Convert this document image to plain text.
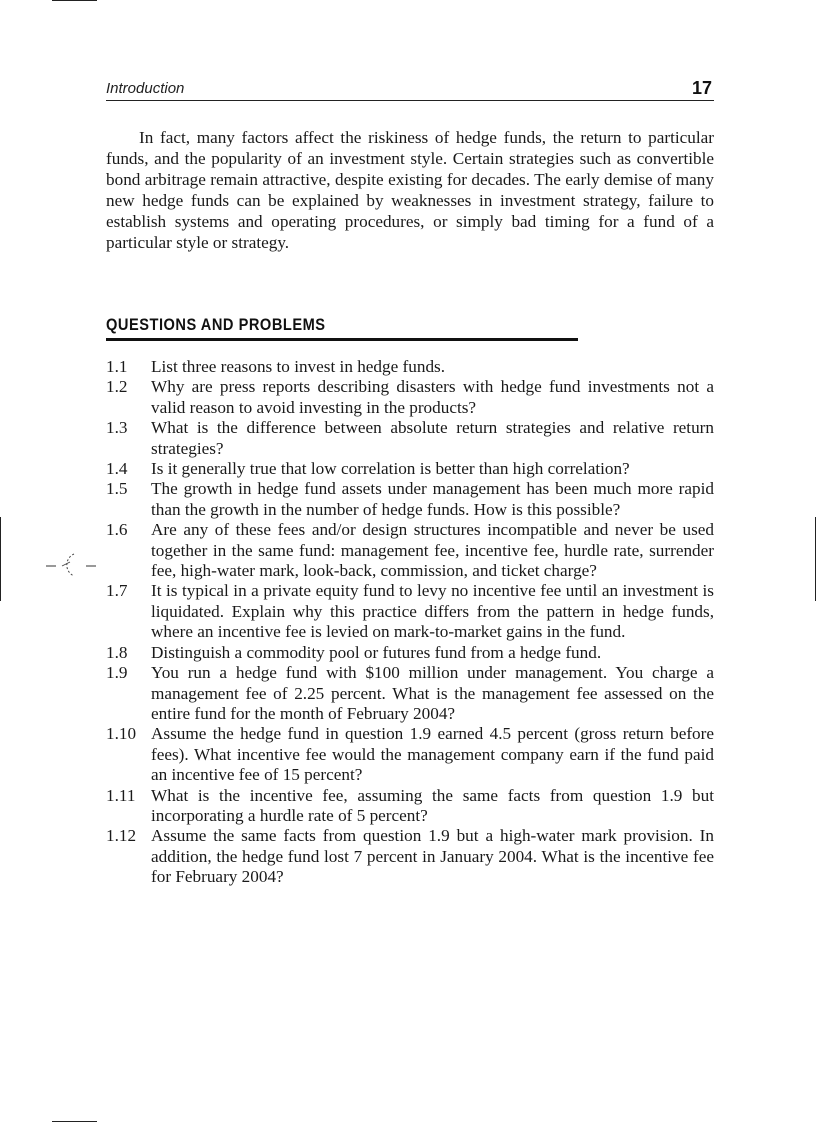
Introduction	17

In fact, many factors affect the riskiness of hedge funds, the return to particular funds, and the popularity of an investment style. Certain strategies such as convertible bond arbitrage remain attractive, despite existing for decades. The early demise of many new hedge funds can be explained by weaknesses in investment strategy, failure to establish systems and operating procedures, or simply bad timing for a fund of a particular style or strategy.

QUESTIONS AND PROBLEMS
1.1 List three reasons to invest in hedge funds.
1.2 Why are press reports describing disasters with hedge fund investments not a valid reason to avoid investing in the products?
1.3 What is the difference between absolute return strategies and relative return strategies?
1.4 Is it generally true that low correlation is better than high correlation?
1.5 The growth in hedge fund assets under management has been much more rapid than the growth in the number of hedge funds. How is this possible?
1.6 Are any of these fees and/or design structures incompatible and never be used together in the same fund: management fee, incentive fee, hurdle rate, surrender fee, high-water mark, look-back, commission, and ticket charge?
1.7 It is typical in a private equity fund to levy no incentive fee until an investment is liquidated. Explain why this practice differs from the pattern in hedge funds, where an incentive fee is levied on mark-to-market gains in the fund.
1.8 Distinguish a commodity pool or futures fund from a hedge fund.
1.9 You run a hedge fund with $100 million under management. You charge a management fee of 2.25 percent. What is the management fee assessed on the entire fund for the month of February 2004?
1.10 Assume the hedge fund in question 1.9 earned 4.5 percent (gross return before fees). What incentive fee would the management company earn if the fund paid an incentive fee of 15 percent?
1.11 What is the incentive fee, assuming the same facts from question 1.9 but incorporating a hurdle rate of 5 percent?
1.12 Assume the same facts from question 1.9 but a high-water mark provision. In addition, the hedge fund lost 7 percent in January 2004. What is the incentive fee for February 2004?
